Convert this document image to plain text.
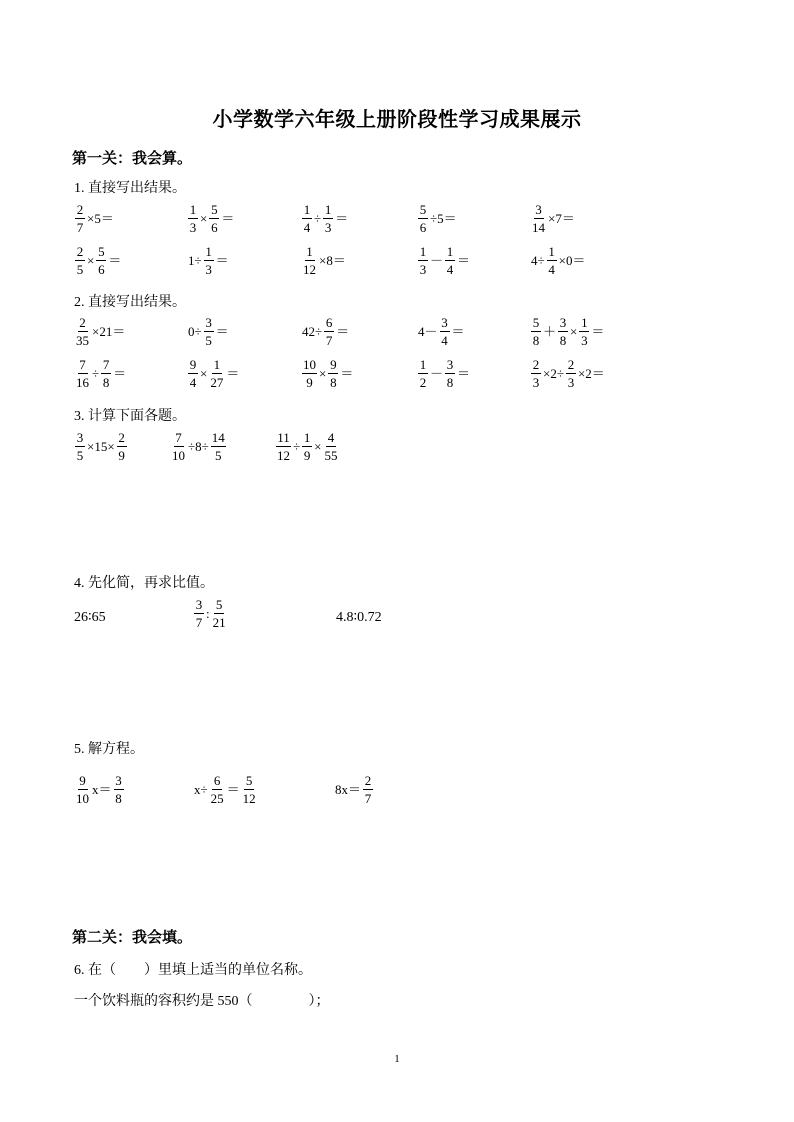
小学数学六年级上册阶段性学习成果展示
第一关：我会算。
1. 直接写出结果。
$\frac{2}{7} \times 5=$	$\frac{1}{3} \times \frac{5}{6}$ ＝	$\frac{1}{4} \div \frac{1}{3}$ ＝	$\frac{5}{6} \div 5=$	$\frac{3}{14} \times 7=$
$\frac{2}{5} \times \frac{5}{6}$ ＝	$1\div \frac{1}{3}$ ＝	$\frac{1}{12} \times 8=$	$\frac{1}{3} - \frac{1}{4}$ ＝	$4\div \frac{1}{4} \times 0=$
2. 直接写出结果。
$\frac{2}{35} \times 21=$	$0\div \frac{3}{5}$ ＝	$42\div \frac{6}{7}$ ＝	$4- \frac{3}{4}$ ＝	$\frac{5}{8} + \frac{3}{8} \times \frac{1}{3}$ ＝
$\frac{7}{16} \div \frac{7}{8}$ ＝	$\frac{9}{4} \times \frac{1}{27}$ ＝	$\frac{10}{9} \times \frac{9}{8}$ ＝	$\frac{1}{2} - \frac{3}{8}$ ＝	$\frac{2}{3} \times 2\div \frac{2}{3} \times 2=$
3. 计算下面各题。
$\frac{3}{5} \times 15\times \frac{2}{9}$	$\frac{7}{10} \div 8\div \frac{14}{5}$	$\frac{11}{12} \div \frac{1}{9} \times \frac{4}{55}$
4. 先化简，再求比值。
26∶65	$\frac{3}{7}$ : $\frac{5}{21}$	4.8∶0.72
5. 解方程。
$\frac{9}{10} x= \frac{3}{8}$	$x\div \frac{6}{25} = \frac{5}{12}$	$8x= \frac{2}{7}$
第二关：我会填。
6. 在（　　）里填上适当的单位名称。
一个饮料瓶的容积约是 550（　　　　）；
1
